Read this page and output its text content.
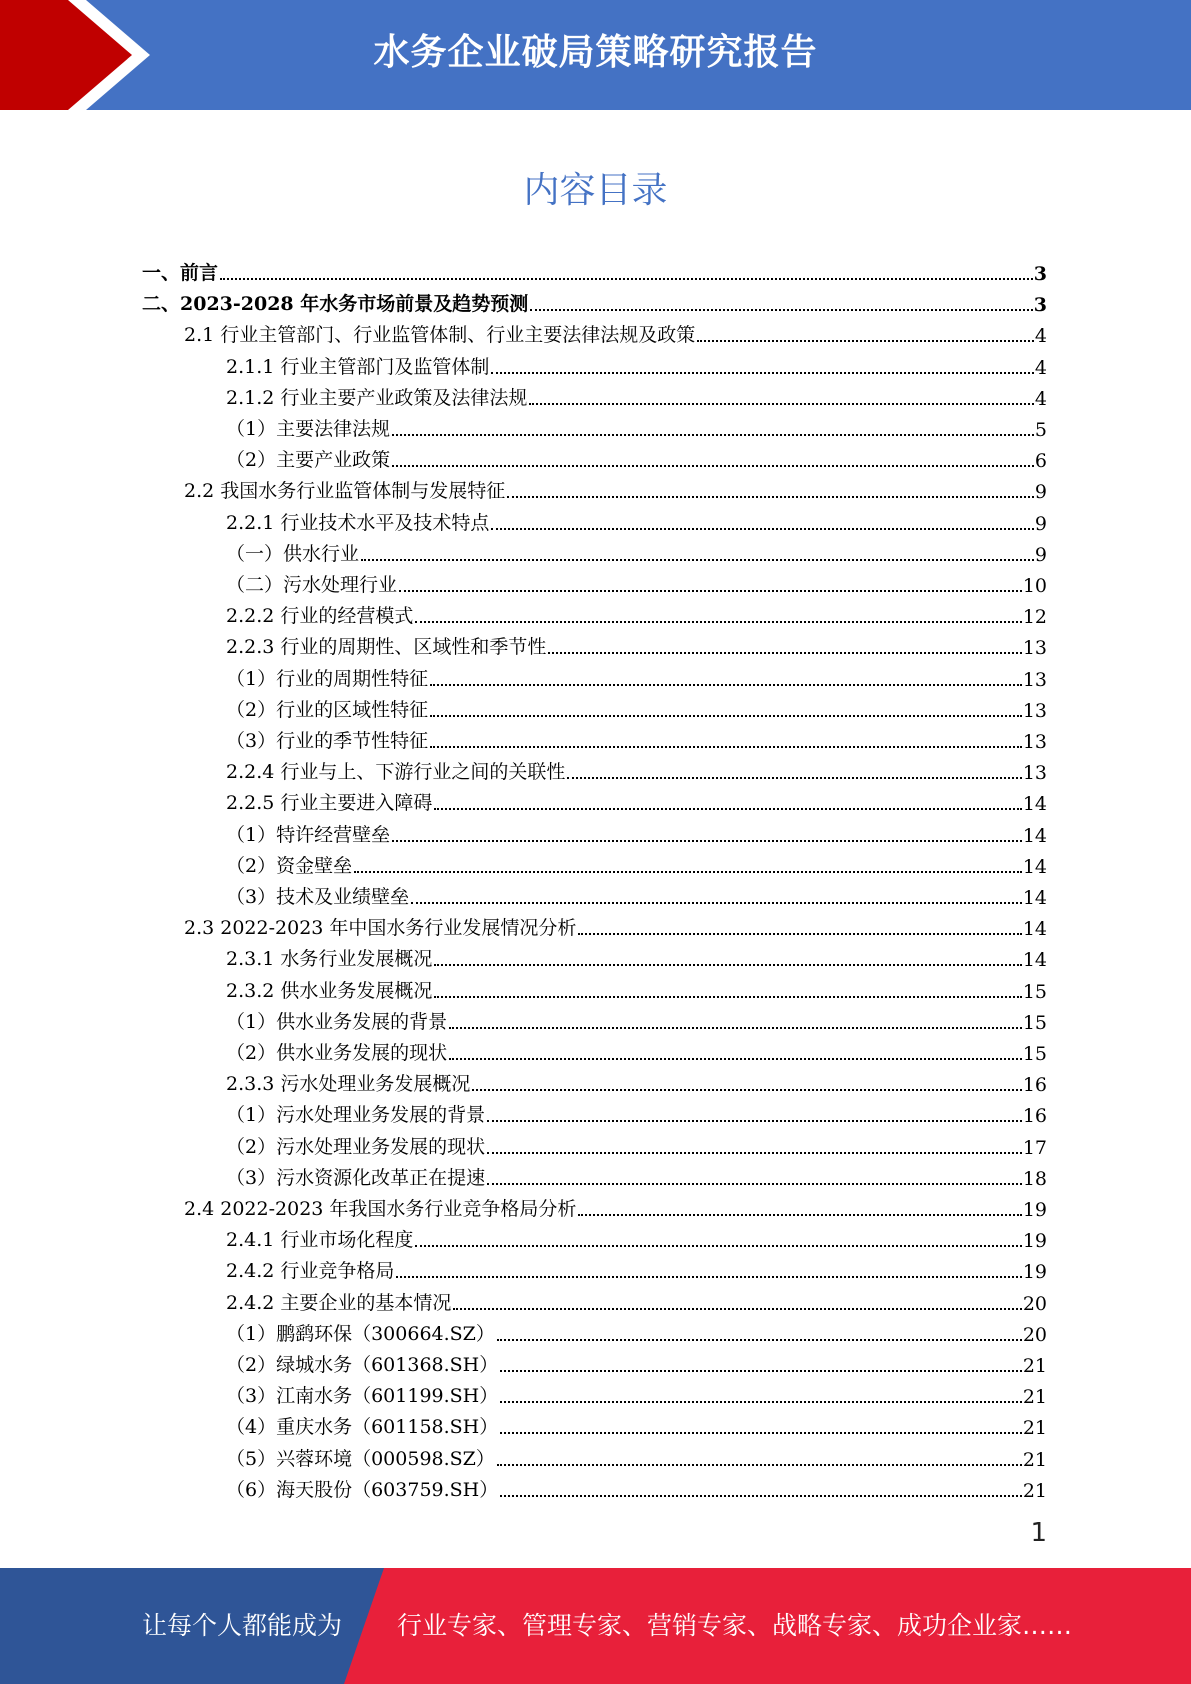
水务企业破局策略研究报告
内容目录
一、前言	3
二、2023-2028 年水务市场前景及趋势预测	3
2.1 行业主管部门、行业监管体制、行业主要法律法规及政策	4
2.1.1 行业主管部门及监管体制	4
2.1.2 行业主要产业政策及法律法规	4
（1）主要法律法规	5
（2）主要产业政策	6
2.2 我国水务行业监管体制与发展特征	9
2.2.1 行业技术水平及技术特点	9
（一）供水行业	9
（二）污水处理行业	10
2.2.2 行业的经营模式	12
2.2.3 行业的周期性、区域性和季节性	13
（1）行业的周期性特征	13
（2）行业的区域性特征	13
（3）行业的季节性特征	13
2.2.4 行业与上、下游行业之间的关联性	13
2.2.5 行业主要进入障碍	14
（1）特许经营壁垒	14
（2）资金壁垒	14
（3）技术及业绩壁垒	14
2.3 2022-2023 年中国水务行业发展情况分析	14
2.3.1 水务行业发展概况	14
2.3.2 供水业务发展概况	15
（1）供水业务发展的背景	15
（2）供水业务发展的现状	15
2.3.3 污水处理业务发展概况	16
（1）污水处理业务发展的背景	16
（2）污水处理业务发展的现状	17
（3）污水资源化改革正在提速	18
2.4 2022-2023 年我国水务行业竞争格局分析	19
2.4.1 行业市场化程度	19
2.4.2 行业竞争格局	19
2.4.2 主要企业的基本情况	20
（1）鹏鹞环保（300664.SZ）	20
（2）绿城水务（601368.SH）	21
（3）江南水务（601199.SH）	21
（4）重庆水务（601158.SH）	21
（5）兴蓉环境（000598.SZ）	21
（6）海天股份（603759.SH）	21
1
让每个人都能成为 行业专家、管理专家、营销专家、战略专家、成功企业家……
